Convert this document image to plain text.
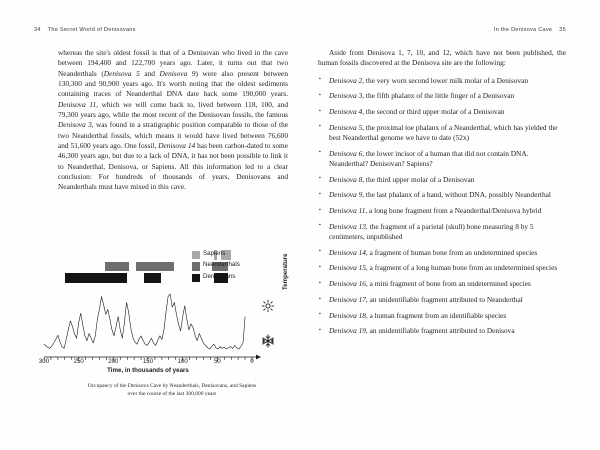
34 The Secret World of Denisovans	In the Denisova Cave 35

whereas the site's oldest fossil is that of a Denisovan who lived in the cave between 194,400 and 122,700 years ago. Later, it turns out that two Neanderthals (Denisova 5 and Denisova 9) were also present between 130,300 and 90,900 years ago. It's worth noting that the oldest sediments containing traces of Neanderthal DNA date back some 190,000 years. Denisova 11, which we will come back to, lived between 118, 100, and 79,300 years ago, while the most recent of the Denisovan fossils, the famous Denisova 3, was found in a stratigraphic position comparable to those of the two Neanderthal fossils, which means it would have lived between 76,600 and 51,600 years ago. One fossil, Denisova 14 has been carbon-dated to some 46,300 years ago, but due to a lack of DNA, it has not been possible to link it to Neanderthal, Denisova, or Sapiens. All this information led to a clear conclusion: For hundreds of thousands of years, Denisovans and Neanderthals must have mixed in this cave.

Aside from Denisova 1, 7, 10, and 12, which have not been published, the human fossils discovered at the Denisova site are the following:

▪ Denisova 2, the very worn second lower milk molar of a Denisovan
▪ Denisova 3, the fifth phalanx of the little finger of a Denisovan
▪ Denisova 4, the second or third upper molar of a Denisovan
▪ Denisova 5, the proximal toe phalanx of a Neanderthal, which has yielded the best Neanderthal genome we have to date (52x)
▪ Denisova 6, the lower incisor of a human that did not contain DNA. Neanderthal? Denisovan? Sapiens?
▪ Denisova 8, the third upper molar of a Denisovan
▪ Denisova 9, the last phalanx of a hand, without DNA, possibly Neanderthal
▪ Denisova 11, a long bone fragment from a Neanderthal/Denisova hybrid
▪ Denisova 13, the fragment of a parietal (skull) bone measuring 8 by 5 centimeters, unpublished
▪ Denisova 14, a fragment of human bone from an undetermined species
▪ Denisova 15, a fragment of a long human bone from an undetermined species
▪ Denisova 16, a mini fragment of bone from an undetermined species
▪ Denisova 17, an unidentifiable fragment attributed to Neanderthal
▪ Denisova 18, a human fragment from an identifiable species
▪ Denisova 19, an unidentifiable fragment attributed to Denisova
Sapiens
Neanderthals
Denisovans
300	250	200	150	100	50	0
Time, in thousands of years
Temperature
Occupancy of the Denisova Cave by Neanderthals, Denisovans, and Sapiens
over the course of the last 300,000 years
